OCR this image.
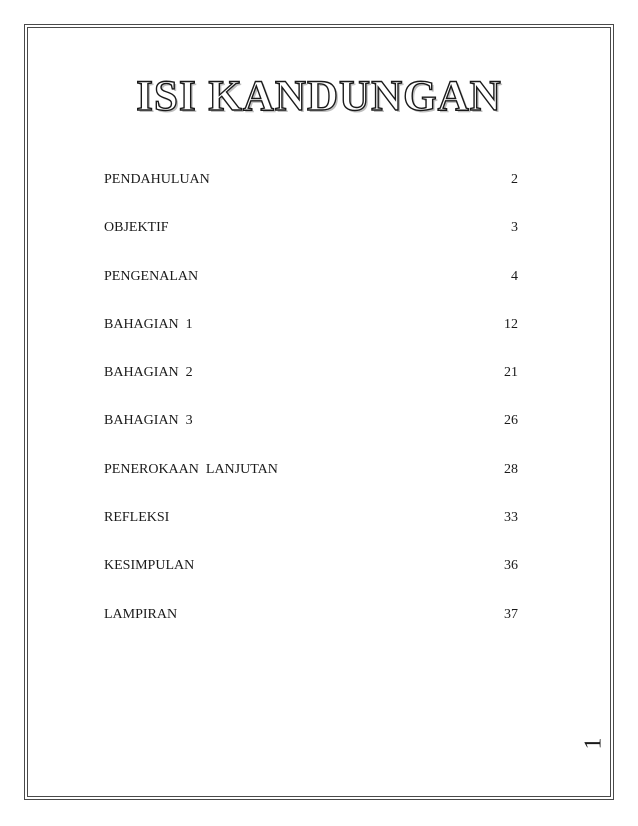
ISI KANDUNGAN
PENDAHULUAN	2
OBJEKTIF	3
PENGENALAN	4
BAHAGIAN  1	12
BAHAGIAN  2	21
BAHAGIAN  3	26
PENEROKAAN  LANJUTAN	28
REFLEKSI	33
KESIMPULAN	36
LAMPIRAN	37
1
